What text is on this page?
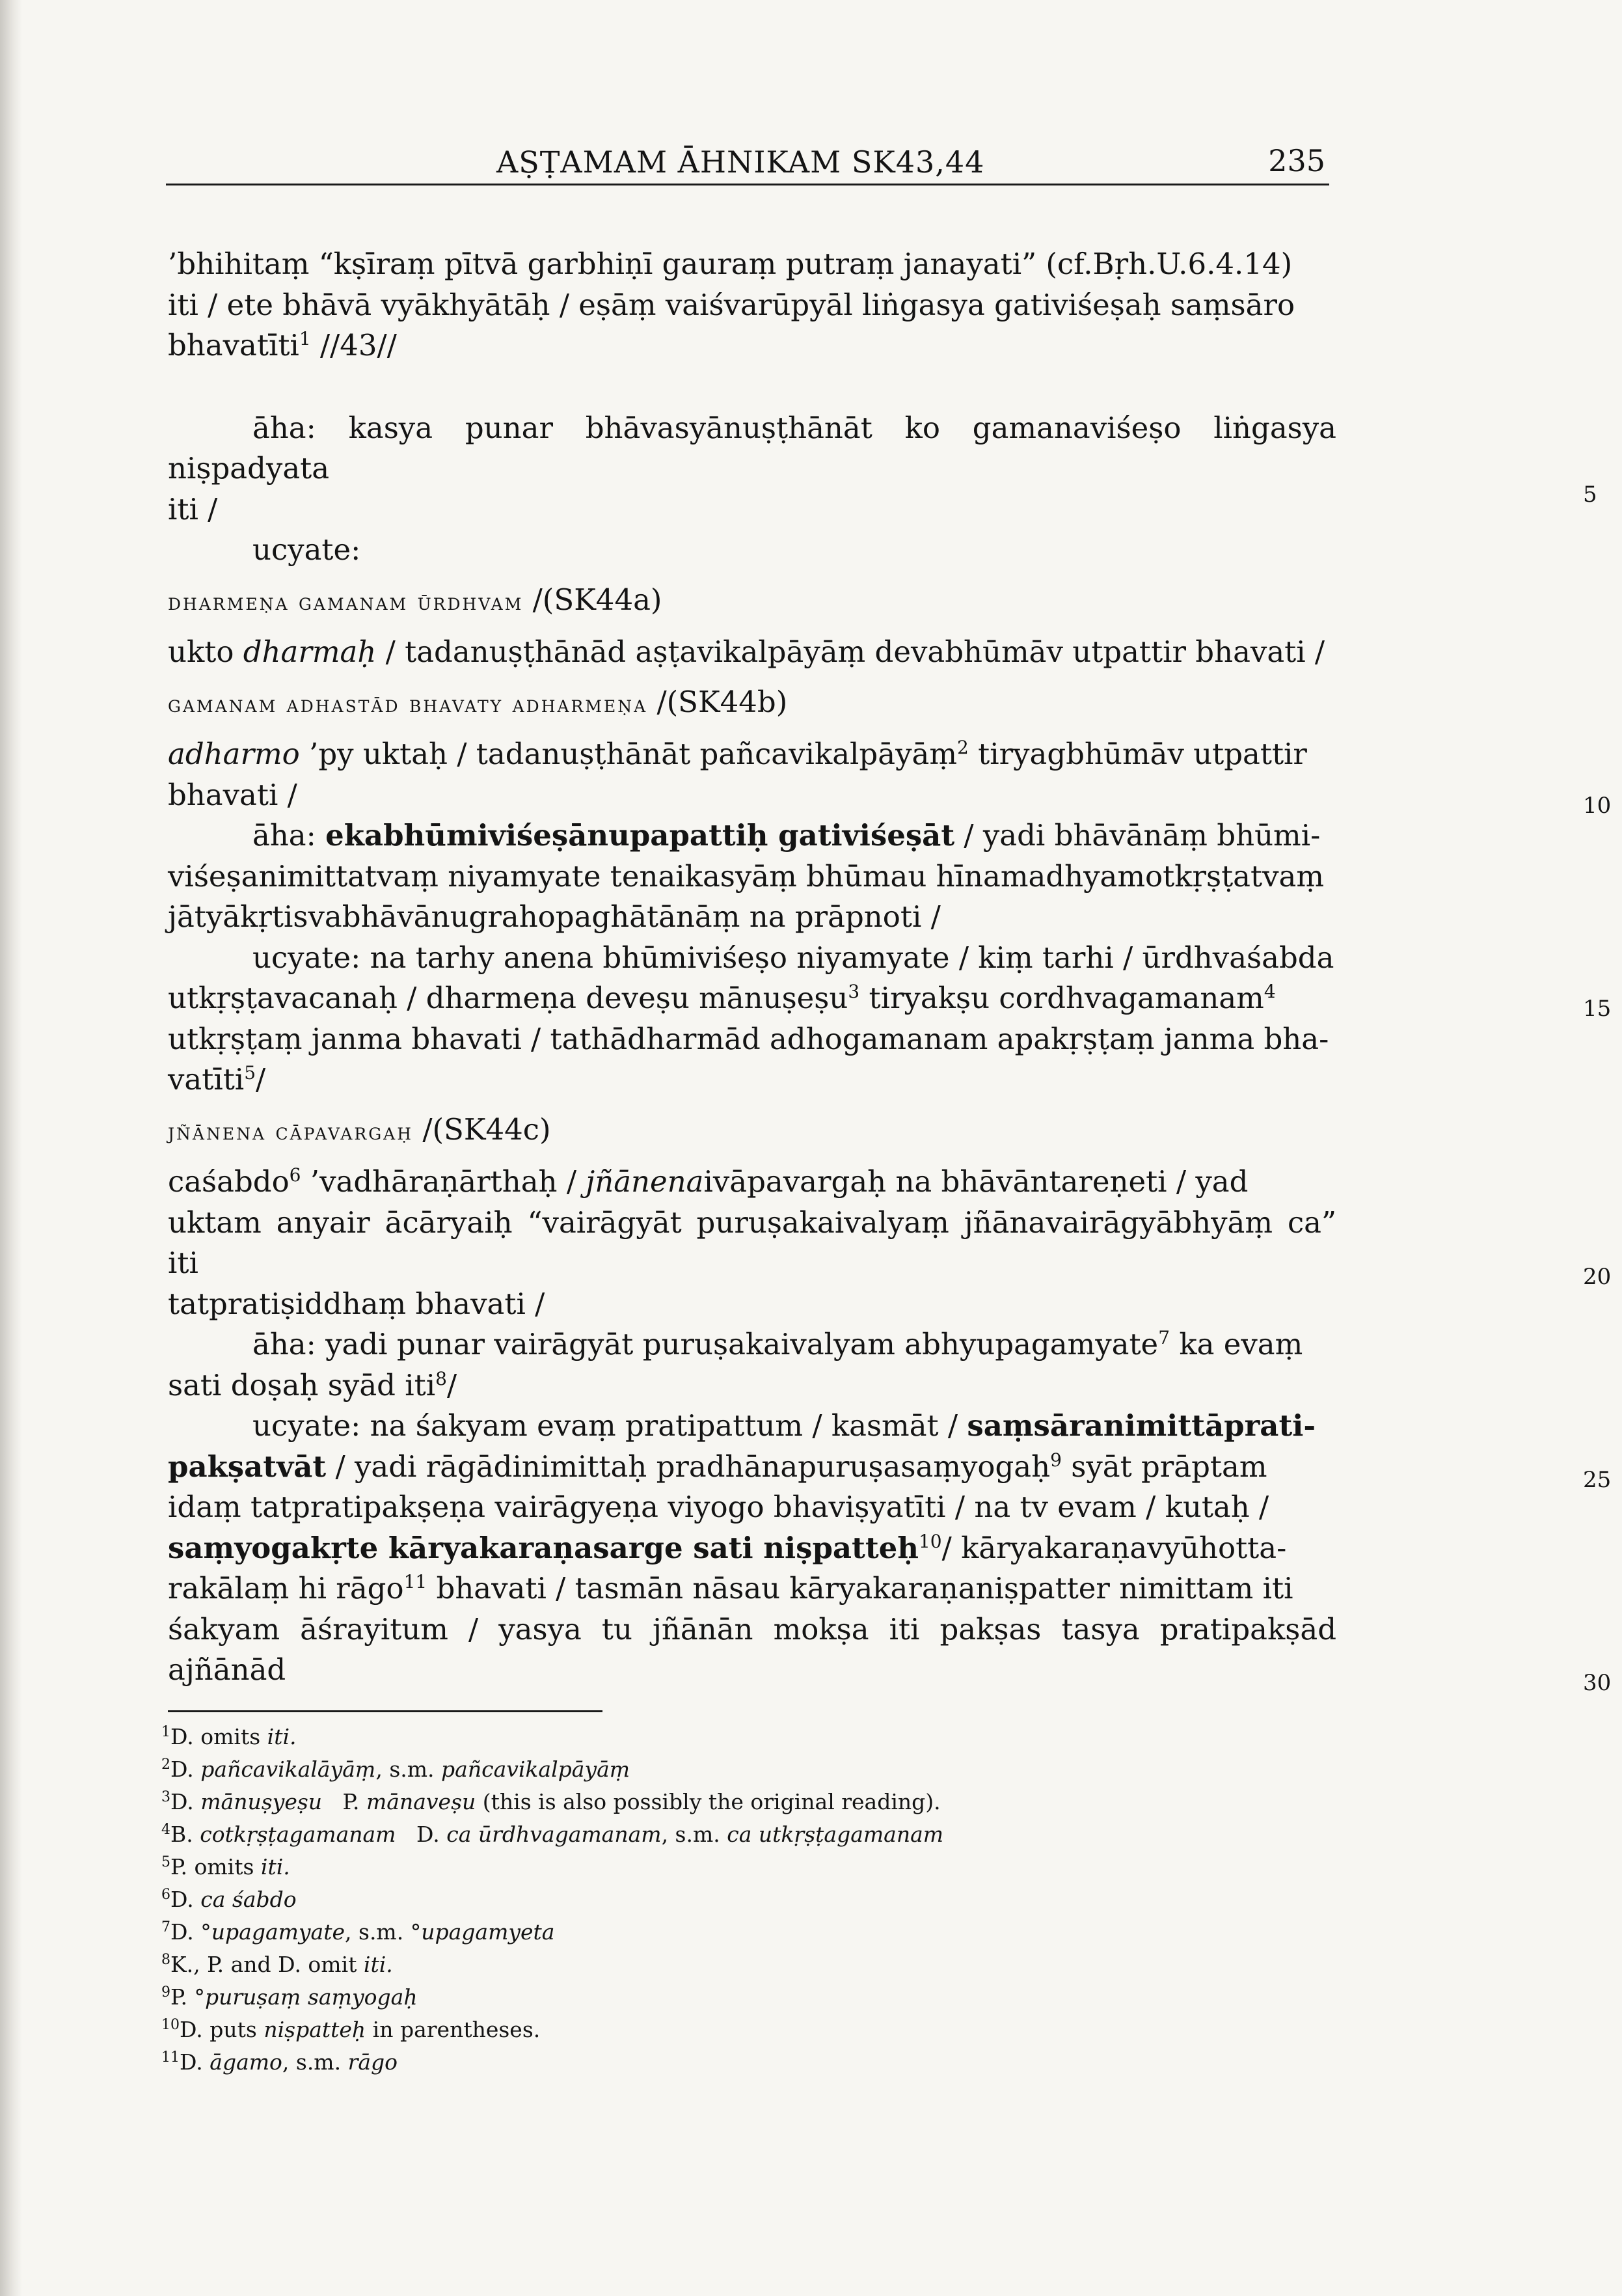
AṢṬAMAM ĀHNIKAM SK43,44	235

’bhihitaṃ “kṣīraṃ pītvā garbhiṇī gauraṃ putraṃ janayati” (cf.Bṛh.U.6.4.14)
iti / ete bhāvā vyākhyātāḥ / eṣāṃ vaiśvarūpyāl liṅgasya gativiśeṣaḥ saṃsāro
bhavatīti$^1$ //43//

āha: kasya punar bhāvasyānuṣṭhānāt ko gamanaviśeṣo liṅgasya niṣpadyata
iti /
ucyate:

dharmeṇa gamanam ūrdhvam /(SK44a)

ukto dharmaḥ / tadanuṣṭhānād aṣṭavikalpāyāṃ devabhūmāv utpattir bhavati /

gamanam adhastād bhavaty adharmeṇa /(SK44b)

adharmo ’py uktaḥ / tadanuṣṭhānāt pañcavikalpāyāṃ$^2$ tiryagbhūmāv utpattir
bhavati /

āha: ekabhūmiviśeṣānupapattiḥ gativiśeṣāt / yadi bhāvānāṃ bhūmi-
viśeṣanimittatvaṃ niyamyate tenaikasyāṃ bhūmau hīnamadhyamotkṛṣṭatvaṃ
jātyākṛtisvabhāvānugrahopaghātānāṃ na prāpnoti /

ucyate: na tarhy anena bhūmiviśeṣo niyamyate / kiṃ tarhi / ūrdhvaśabda
utkṛṣṭavacanaḥ / dharmeṇa deveṣu mānuṣeṣu$^3$ tiryakṣu cordhvagamanam$^4$
utkṛṣṭaṃ janma bhavati / tathādharmād adhogamanam apakṛṣṭaṃ janma bha-
vatīti$^5$/

jñānena cāpavargaḥ /(SK44c)

caśabdo$^6$ ’vadhāraṇārthaḥ / jñānenaivāpavargaḥ na bhāvāntareṇeti / yad
uktam anyair ācāryaiḥ “vairāgyāt puruṣakaivalyaṃ jñānavairāgyābhyāṃ ca” iti
tatpratiṣiddhaṃ bhavati /

āha: yadi punar vairāgyāt puruṣakaivalyam abhyupagamyate$^7$ ka evaṃ
sati doṣaḥ syād iti$^8$/

ucyate: na śakyam evaṃ pratipattum / kasmāt / saṃsāranimittāprati-
pakṣatvāt / yadi rāgādinimittaḥ pradhānapuruṣasaṃyogaḥ$^9$ syāt prāptam
idaṃ tatpratipakṣeṇa vairāgyeṇa viyogo bhaviṣyatīti / na tv evam / kutaḥ /
saṃyogakṛte kāryakaraṇasarge sati niṣpatteḥ$^{10}$/ kāryakaraṇavyūhotta-
rakālaṃ hi rāgo$^{11}$ bhavati / tasmān nāsau kāryakaraṇaniṣpatter nimittam iti
śakyam āśrayitum / yasya tu jñānān mokṣa iti pakṣas tasya pratipakṣād ajñānād

5
10
15
20
25
30
$^1$D. omits iti.
$^2$D. pañcavikalāyāṃ, s.m. pañcavikalpāyāṃ
$^3$D. mānuṣyeṣu   P. mānaveṣu (this is also possibly the original reading).
$^4$B. cotkṛṣṭagamanam   D. ca ūrdhvagamanam, s.m. ca utkṛṣṭagamanam
$^5$P. omits iti.
$^6$D. ca śabdo
$^7$D. °upagamyate, s.m. °upagamyeta
$^8$K., P. and D. omit iti.
$^9$P. °puruṣaṃ saṃyogaḥ
$^{10}$D. puts niṣpatteḥ in parentheses.
$^{11}$D. āgamo, s.m. rāgo
